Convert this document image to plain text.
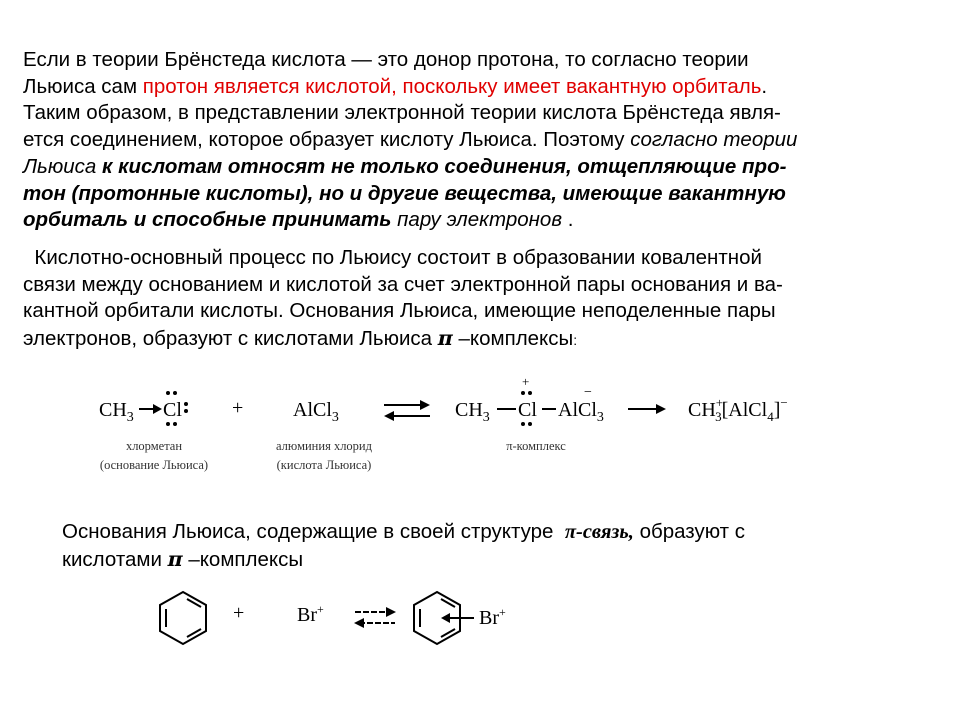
Если в теории Брёнстеда кислота — это донор протона, то согласно теории
Льюиса сам протон является кислотой, поскольку имеет вакантную орбиталь.
Таким образом, в представлении электронной теории кислота Брёнстеда явля-
ется соединением, которое образует кислоту Льюиса. Поэтому согласно теории
Льюиса к кислотам относят не только соединения, отщепляющие про-
тон (протонные кислоты), но и другие вещества, имеющие вакантную
орбиталь и способные принимать пару электронов .
Кислотно-основный процесс по Льюису состоит в образовании ковалентной
связи между основанием и кислотой за счет электронной пары основания и ва-
кантной орбитали кислоты. Основания Льюиса, имеющие неподеленные пары
электронов, образуют с кислотами Льюиса π –комплексы:
$CH_3$ Cl	+ AlCl$_3$	$CH_3$ Cl
+
AlCl$_3$
−
CH+ 3[AlCl$_4$]−
хлорметан
(основание Льюиса)
алюминия хлорид
(кислота Льюиса)
π-комплекс
+	Br+	Br+
Основания Льюиса, содержащие в своей структуре  π-связь, образуют с
кислотами π –комплексы
